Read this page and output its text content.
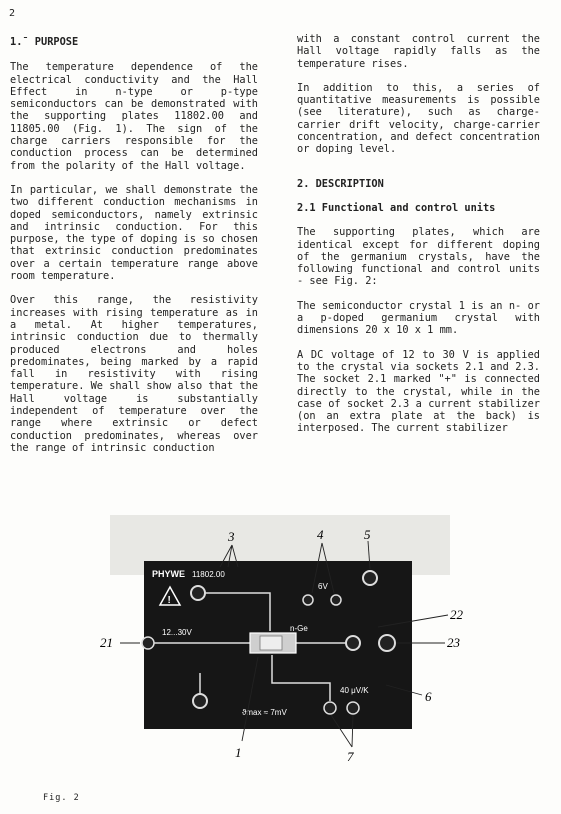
2
1.ˉ PURPOSE

The temperature dependence of the electrical conductivity and the Hall Effect in n-type or p-type semiconductors can be demonstrated with the supporting plates 11802.00 and 11805.00 (Fig. 1). The sign of the charge carriers responsible for the conduction process can be determined from the polarity of the Hall voltage.

In particular, we shall demonstrate the two different conduction mechanisms in doped semiconductors, namely extrinsic and intrinsic conduction. For this purpose, the type of doping is so chosen that extrinsic conduction predominates over a certain temperature range above room temperature.

Over this range, the resistivity increases with rising temperature as in a metal. At higher temperatures, intrinsic conduction due to thermally produced electrons and holes predominates, being marked by a rapid fall in resistivity with rising temperature. We shall show also that the Hall voltage is substantially independent of temperature over the range where extrinsic or defect conduction predominates, whereas over the range of intrinsic conduction

with a constant control current the Hall voltage rapidly falls as the temperature rises.

In addition to this, a series of quantitative measurements is possible (see literature), such as charge-carrier drift velocity, charge-carrier concentration, and defect concentration or doping level.

2. DESCRIPTION
2.1 Functional and control units

The supporting plates, which are identical except for different doping of the germanium crystals, have the following functional and control units - see Fig. 2:

The semiconductor crystal 1 is an n- or a p-doped germanium crystal with dimensions 20 x 10 x 1 mm.

A DC voltage of 12 to 30 V is applied to the crystal via sockets 2.1 and 2.3. The socket 2.1 marked "+" is connected directly to the crystal, while in the case of socket 2.3 a current stabilizer (on an extra plate at the back) is interposed. The current stabilizer

PHYWE 11802.00
!
6V
12...30V	n-Ge
40 μV/K
ϑmax ≈ 7mV
3	4	5
22
21	23
6
1	7
Fig. 2
